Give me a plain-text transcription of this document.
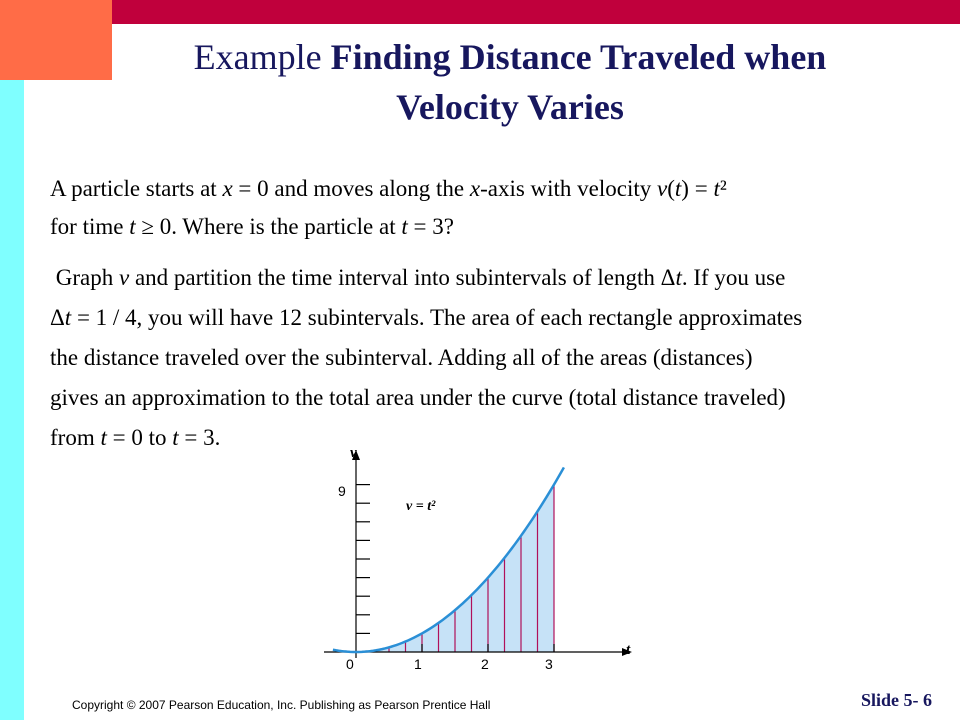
Example Finding Distance Traveled when
Velocity Varies
A particle starts at x = 0 and moves along the x-axis with velocity v(t) = t²
for time t ≥ 0. Where is the particle at t = 3?
Graph v and partition the time interval into subintervals of length Δt. If you use
Δt = 1 / 4, you will have 12 subintervals. The area of each rectangle approximates
the distance traveled over the subinterval. Adding all of the areas (distances)
gives an approximation to the total area under the curve (total distance traveled)
from t = 0 to t = 3.
v
t
9
v = t²
0	1	2	3
Copyright © 2007 Pearson Education, Inc. Publishing as Pearson Prentice Hall	Slide 5- 6
